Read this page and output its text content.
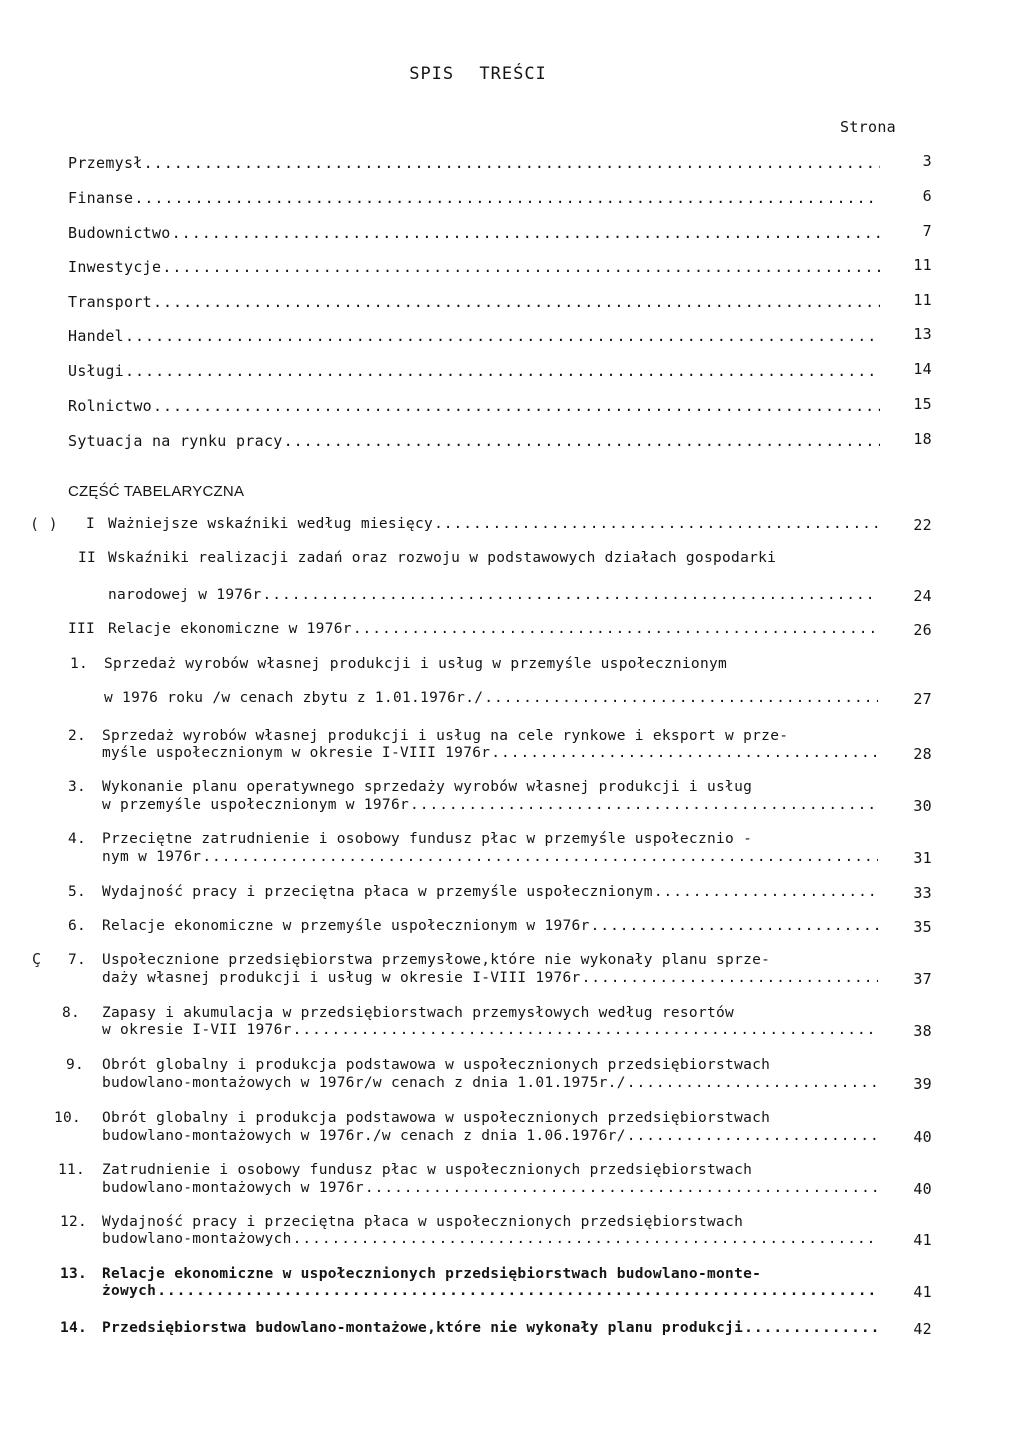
SPIS TREŚCI
Strona
Przemysł .....	3
Finanse .....	6
Budownictwo .....	7
Inwestycje .....	11
Transport .....	11
Handel .....	13
Usługi .....	14
Rolnictwo .....	15
Sytuacja na rynku pracy .....	18
CZĘŚĆ TABELARYCZNA
( ) I Ważniejsze wskaźniki według miesięcy .....	22
II Wskaźniki realizacji zadań oraz rozwoju w podstawowych działach gospodarki
narodowej w 1976r .....	24
III Relacje ekonomiczne w 1976r .....	26
1. Sprzedaż wyrobów własnej produkcji i usług w przemyśle uspołecznionym
w 1976 roku /w cenach zbytu z 1.01.1976r./ .....	27
2. Sprzedaż wyrobów własnej produkcji i usług na cele rynkowe i eksport w prze-
myśle uspołecznionym w okresie I-VIII 1976r .....	28
3. Wykonanie planu operatywnego sprzedaży wyrobów własnej produkcji i usług
w przemyśle uspołecznionym w 1976r .....	30
4. Przeciętne zatrudnienie i osobowy fundusz płac w przemyśle uspołecznio -
nym w 1976r .....	31
5. Wydajność pracy i przeciętna płaca w przemyśle uspołecznionym .....	33
6. Relacje ekonomiczne w przemyśle uspołecznionym w 1976r .....	35
Ç 7. Uspołecznione przedsiębiorstwa przemysłowe,które nie wykonały planu sprze-
daży własnej produkcji i usług w okresie I-VIII 1976r .....	37
8. Zapasy i akumulacja w przedsiębiorstwach przemysłowych według resortów
w okresie I-VII 1976r .....	38
9. Obrót globalny i produkcja podstawowa w uspołecznionych przedsiębiorstwach
budowlano-montażowych w 1976r/w cenach z dnia 1.01.1975r./ .....	39
10. Obrót globalny i produkcja podstawowa w uspołecznionych przedsiębiorstwach
budowlano-montażowych w 1976r./w cenach z dnia 1.06.1976r/ .....	40
11. Zatrudnienie i osobowy fundusz płac w uspołecznionych przedsiębiorstwach
budowlano-montażowych w 1976r .....	40
12. Wydajność pracy i przeciętna płaca w uspołecznionych przedsiębiorstwach
budowlano-montażowych .....	41
13. Relacje ekonomiczne w uspołecznionych przedsiębiorstwach budowlano-monte-
żowych .....	41
14. Przedsiębiorstwa budowlano-montażowe,które nie wykonały planu produkcji .....	42
